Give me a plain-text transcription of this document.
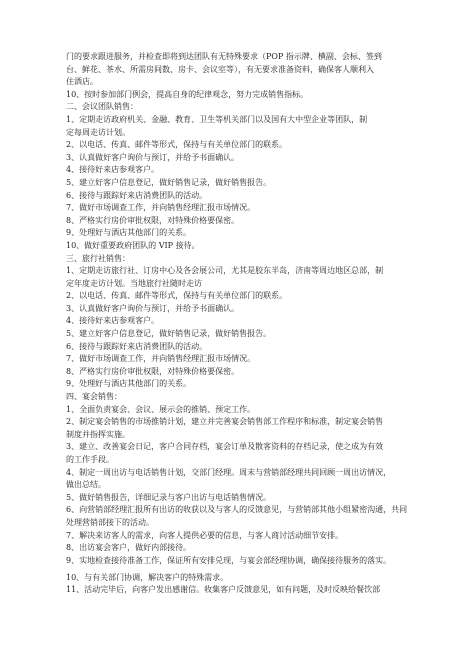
门的要求跟进服务，并检查即将到达团队有无特殊要求（POP 指示牌、横副、会标、签到
台、鲜花、茶水、所需房间数、房卡、会议室等），有无要求准备资料，确保客人顺利入
住酒店。
10、按时参加部门例会，提高自身的纪律观念，努力完成销售指标。
二、会议团队销售：
1、定期走访政府机关、金融、教育、卫生等机关部门以及国有大中型企业等团队，制
定每周走访计划。
2、以电话、传真、邮件等形式，保持与有关单位部门的联系。
3、认真做好客户询价与预订，并给予书面确认。
4、接待好来店参观客户。
5、建立好客户信息登记，做好销售记录，做好销售报告。
6、接待与跟踪好来店消费团队的活动。
7、做好市场调查工作，并向销售经理汇报市场情况。
8、严格实行房价审批权限，对特殊价格要保密。
9、处理好与酒店其他部门的关系。
10、做好重要政府团队的 VIP 接待。
三、旅行社销售：
1、定期走访旅行社、订房中心及各会展公司，尤其是胶东半岛，济南等周边地区总部，制
定年度走访计划。当地旅行社随时走访
2、以电话、传真、邮件等形式，保持与有关单位部门的联系。
3、认真做好客户询价与预订，并给予书面确认。
4、接待好来店参观客户。
5、建立好客户信息登记，做好销售记录，做好销售报告。
6、接待与跟踪好来店消费团队的活动。
7、做好市场调查工作，并向销售经理汇报市场情况。
8、严格实行房价审批权限，对特殊价格要保密。
9、处理好与酒店其他部门的关系。
四、宴会销售：
1、全面负责宴会、会议、展示会的推销、预定工作。
2、制定宴会销售的市场推销计划，建立并完善宴会销售部工作程序和标准，制定宴会销售
制度并指挥实施。
3、建立、改善宴会日记，客户合同存档，宴会订单及散客资料的存档记录，使之成为有效
的工作手段。
4、制定一周出访与电话销售计划，交部门经理。周末与营销部经理共同回顾一周出访情况，
做出总结。
5、做好销售报告，详细记录与客户出访与电话销售情况。
6、向营销部经理汇报所有出访的收获以及与客人的反馈意见，与营销部其他小组紧密沟通，共同
处理营销部接下的活动。
7、解决来访客人的需求，向客人提供必要的信息，与客人商讨活动细节安排。
8、出访宴会客户，做好内部接待。
9、实地检查接待准备工作，保证所有安排兑现，与宴会部经理协调，确保接待服务的落实。
10、与有关部门协调，解决客户的特殊需求。
11、活动完毕后，向客户发出感谢信。收集客户反馈意见，如有问题，及时反映给餐饮部
